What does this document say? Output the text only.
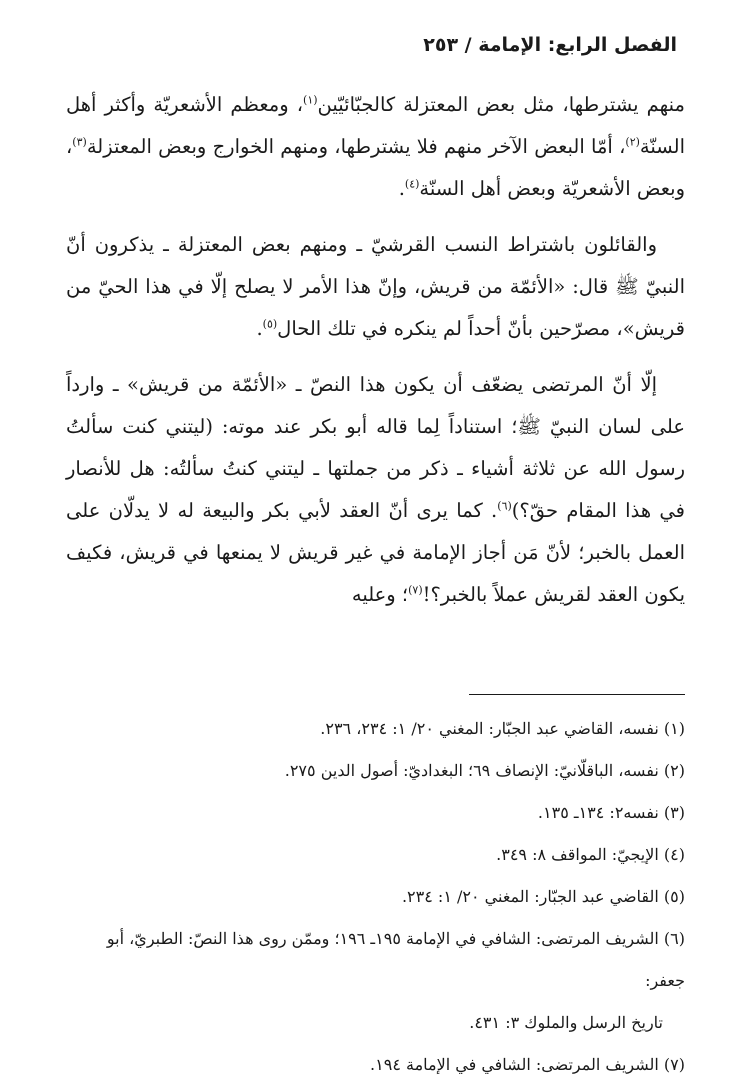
الفصل الرابع: الإمامة / ٢٥٣

منهم يشترطها، مثل بعض المعتزلة كالجبّائيّين$^{(١)}$، ومعظم الأشعريّة وأكثر أهل السنّة$^{(٢)}$، أمّا البعض الآخر منهم فلا يشترطها، ومنهم الخوارج وبعض المعتزلة$^{(٣)}$، وبعض الأشعريّة وبعض أهل السنّة$^{(٤)}$.

والقائلون باشتراط النسب القرشيّ ـ ومنهم بعض المعتزلة ـ يذكرون أنّ النبيّ ﷺ قال: «الأئمّة من قريش، وإنّ هذا الأمر لا يصلح إلّا في هذا الحيّ من قريش»، مصرّحين بأنّ أحداً لم ينكره في تلك الحال$^{(٥)}$.

إلّا أنّ المرتضى يضعّف أن يكون هذا النصّ ـ «الأئمّة من قريش» ـ وارداً على لسان النبيّ ﷺ؛ استناداً لِما قاله أبو بكر عند موته: (ليتني كنت سألتُ رسول الله عن ثلاثة أشياء ـ ذكر من جملتها ـ ليتني كنتُ سألتُه: هل للأنصار في هذا المقام حقّ؟)$^{(٦)}$. كما يرى أنّ العقد لأبي بكر والبيعة له لا يدلّان على العمل بالخبر؛ لأنّ مَن أجاز الإمامة في غير قريش لا يمنعها في قريش، فكيف يكون العقد لقريش عملاً بالخبر؟!$^{(٧)}$؛ وعليه

(١) نفسه، القاضي عبد الجبّار: المغني ٢٠/ ١: ٢٣٤، ٢٣٦.

(٢) نفسه، الباقلّانيّ: الإنصاف ٦٩؛ البغداديّ: أصول الدين ٢٧٥.

(٣) نفسه٢: ١٣٤ـ ١٣٥.

(٤) الإيجيّ: المواقف ٨: ٣٤٩.

(٥) القاضي عبد الجبّار: المغني ٢٠/ ١: ٢٣٤.

(٦) الشريف المرتضى: الشافي في الإمامة ١٩٥ـ ١٩٦؛ وممّن روى هذا النصّ: الطبريّ، أبو جعفر:

تاريخ الرسل والملوك ٣: ٤٣١.

(٧) الشريف المرتضى: الشافي في الإمامة ١٩٤.
